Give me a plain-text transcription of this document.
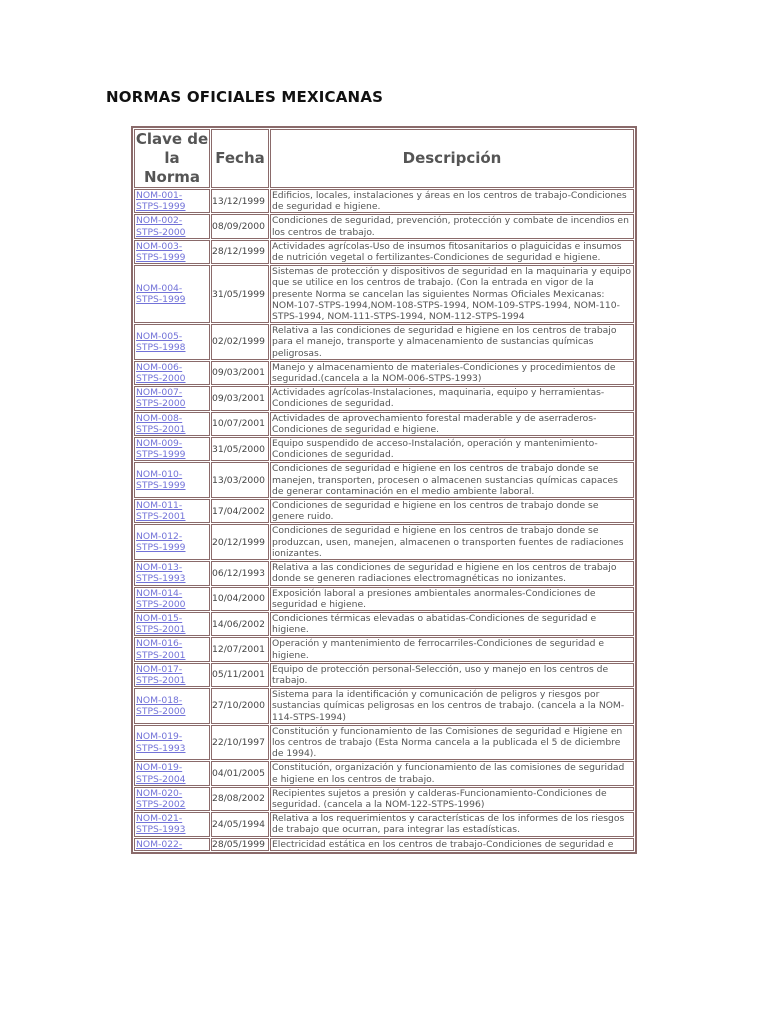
NORMAS OFICIALES MEXICANAS
Clave de la Norma	Fecha	Descripción
NOM-001-STPS-1999	13/12/1999	Edificios, locales, instalaciones y áreas en los centros de trabajo-Condiciones de seguridad e higiene.
NOM-002-STPS-2000	08/09/2000	Condiciones de seguridad, prevención, protección y combate de incendios en los centros de trabajo.
NOM-003-STPS-1999	28/12/1999	Actividades agrícolas-Uso de insumos fitosanitarios o plaguicidas e insumos de nutrición vegetal o fertilizantes-Condiciones de seguridad e higiene.
NOM-004-STPS-1999	31/05/1999	Sistemas de protección y dispositivos de seguridad en la maquinaria y equipo que se utilice en los centros de trabajo. (Con la entrada en vigor de la presente Norma se cancelan las siguientes Normas Oficiales Mexicanas: NOM-107-STPS-1994,NOM-108-STPS-1994, NOM-109-STPS-1994, NOM-110-STPS-1994, NOM-111-STPS-1994, NOM-112-STPS-1994
NOM-005-STPS-1998	02/02/1999	Relativa a las condiciones de seguridad e higiene en los centros de trabajo para el manejo, transporte y almacenamiento de sustancias químicas peligrosas.
NOM-006-STPS-2000	09/03/2001	Manejo y almacenamiento de materiales-Condiciones y procedimientos de seguridad.(cancela a la NOM-006-STPS-1993)
NOM-007-STPS-2000	09/03/2001	Actividades agrícolas-Instalaciones, maquinaria, equipo y herramientas-Condiciones de seguridad.
NOM-008-STPS-2001	10/07/2001	Actividades de aprovechamiento forestal maderable y de aserraderos-Condiciones de seguridad e higiene.
NOM-009-STPS-1999	31/05/2000	Equipo suspendido de acceso-Instalación, operación y mantenimiento-Condiciones de seguridad.
NOM-010-STPS-1999	13/03/2000	Condiciones de seguridad e higiene en los centros de trabajo donde se manejen, transporten, procesen o almacenen sustancias químicas capaces de generar contaminación en el medio ambiente laboral.
NOM-011-STPS-2001	17/04/2002	Condiciones de seguridad e higiene en los centros de trabajo donde se genere ruido.
NOM-012-STPS-1999	20/12/1999	Condiciones de seguridad e higiene en los centros de trabajo donde se produzcan, usen, manejen, almacenen o transporten fuentes de radiaciones ionizantes.
NOM-013-STPS-1993	06/12/1993	Relativa a las condiciones de seguridad e higiene en los centros de trabajo donde se generen radiaciones electromagnéticas no ionizantes.
NOM-014-STPS-2000	10/04/2000	Exposición laboral a presiones ambientales anormales-Condiciones de seguridad e higiene.
NOM-015-STPS-2001	14/06/2002	Condiciones térmicas elevadas o abatidas-Condiciones de seguridad e higiene.
NOM-016-STPS-2001	12/07/2001	Operación y mantenimiento de ferrocarriles-Condiciones de seguridad e higiene.
NOM-017-STPS-2001	05/11/2001	Equipo de protección personal-Selección, uso y manejo en los centros de trabajo.
NOM-018-STPS-2000	27/10/2000	Sistema para la identificación y comunicación de peligros y riesgos por sustancias químicas peligrosas en los centros de trabajo. (cancela a la NOM-114-STPS-1994)
NOM-019-STPS-1993	22/10/1997	Constitución y funcionamiento de las Comisiones de seguridad e Higiene en los centros de trabajo (Esta Norma cancela a la publicada el 5 de diciembre de 1994).
NOM-019-STPS-2004	04/01/2005	Constitución, organización y funcionamiento de las comisiones de seguridad e higiene en los centros de trabajo.
NOM-020-STPS-2002	28/08/2002	Recipientes sujetos a presión y calderas-Funcionamiento-Condiciones de seguridad. (cancela a la NOM-122-STPS-1996)
NOM-021-STPS-1993	24/05/1994	Relativa a los requerimientos y características de los informes de los riesgos de trabajo que ocurran, para integrar las estadísticas.
NOM-022-	28/05/1999	Electricidad estática en los centros de trabajo-Condiciones de seguridad e
